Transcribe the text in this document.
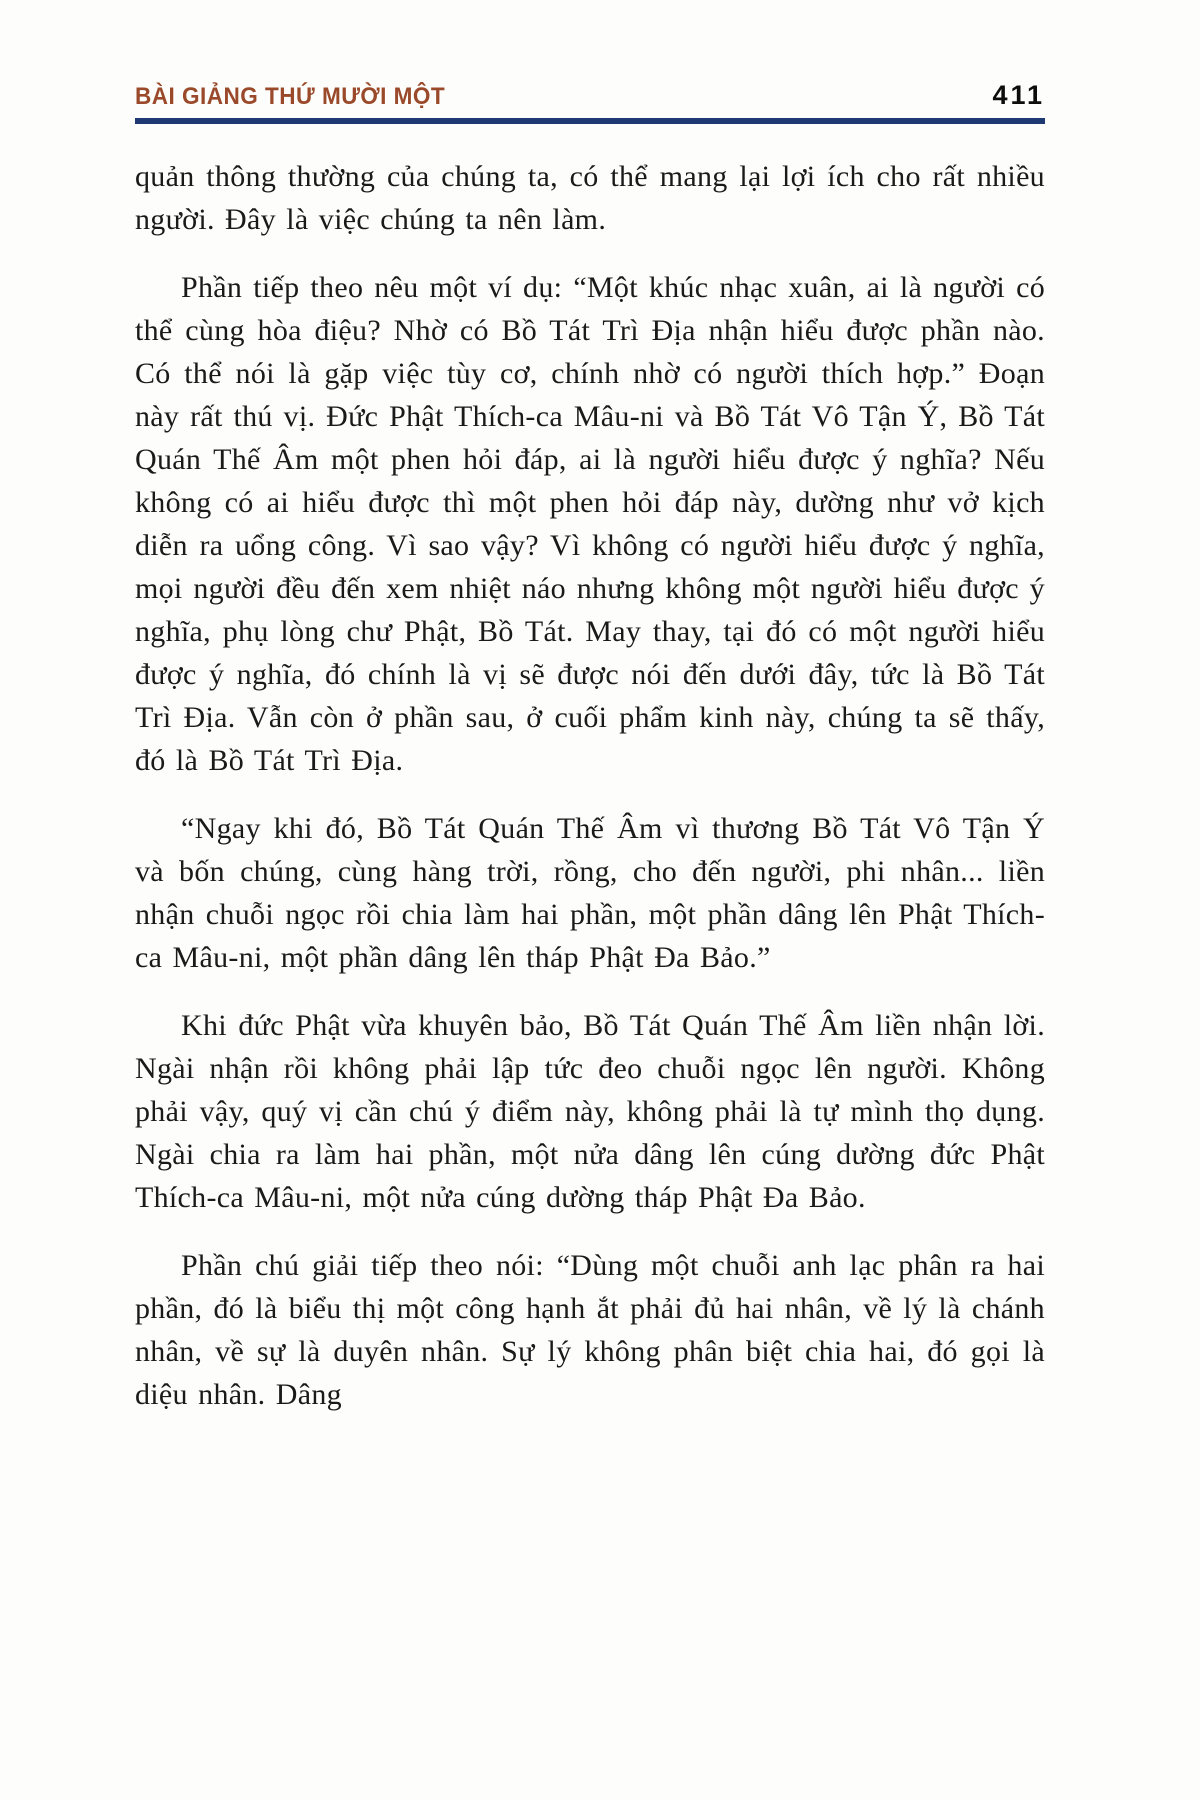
BÀI GIẢNG THỨ MƯỜI MỘT	411

quản thông thường của chúng ta, có thể mang lại lợi ích cho rất nhiều người. Đây là việc chúng ta nên làm.

Phần tiếp theo nêu một ví dụ: “Một khúc nhạc xuân, ai là người có thể cùng hòa điệu? Nhờ có Bồ Tát Trì Địa nhận hiểu được phần nào. Có thể nói là gặp việc tùy cơ, chính nhờ có người thích hợp.” Đoạn này rất thú vị. Đức Phật Thích-ca Mâu-ni và Bồ Tát Vô Tận Ý, Bồ Tát Quán Thế Âm một phen hỏi đáp, ai là người hiểu được ý nghĩa? Nếu không có ai hiểu được thì một phen hỏi đáp này, dường như vở kịch diễn ra uổng công. Vì sao vậy? Vì không có người hiểu được ý nghĩa, mọi người đều đến xem nhiệt náo nhưng không một người hiểu được ý nghĩa, phụ lòng chư Phật, Bồ Tát. May thay, tại đó có một người hiểu được ý nghĩa, đó chính là vị sẽ được nói đến dưới đây, tức là Bồ Tát Trì Địa. Vẫn còn ở phần sau, ở cuối phẩm kinh này, chúng ta sẽ thấy, đó là Bồ Tát Trì Địa.

“Ngay khi đó, Bồ Tát Quán Thế Âm vì thương Bồ Tát Vô Tận Ý và bốn chúng, cùng hàng trời, rồng, cho đến người, phi nhân... liền nhận chuỗi ngọc rồi chia làm hai phần, một phần dâng lên Phật Thích-ca Mâu-ni, một phần dâng lên tháp Phật Đa Bảo.”

Khi đức Phật vừa khuyên bảo, Bồ Tát Quán Thế Âm liền nhận lời. Ngài nhận rồi không phải lập tức đeo chuỗi ngọc lên người. Không phải vậy, quý vị cần chú ý điểm này, không phải là tự mình thọ dụng. Ngài chia ra làm hai phần, một nửa dâng lên cúng dường đức Phật Thích-ca Mâu-ni, một nửa cúng dường tháp Phật Đa Bảo.

Phần chú giải tiếp theo nói: “Dùng một chuỗi anh lạc phân ra hai phần, đó là biểu thị một công hạnh ắt phải đủ hai nhân, về lý là chánh nhân, về sự là duyên nhân. Sự lý không phân biệt chia hai, đó gọi là diệu nhân. Dâng
